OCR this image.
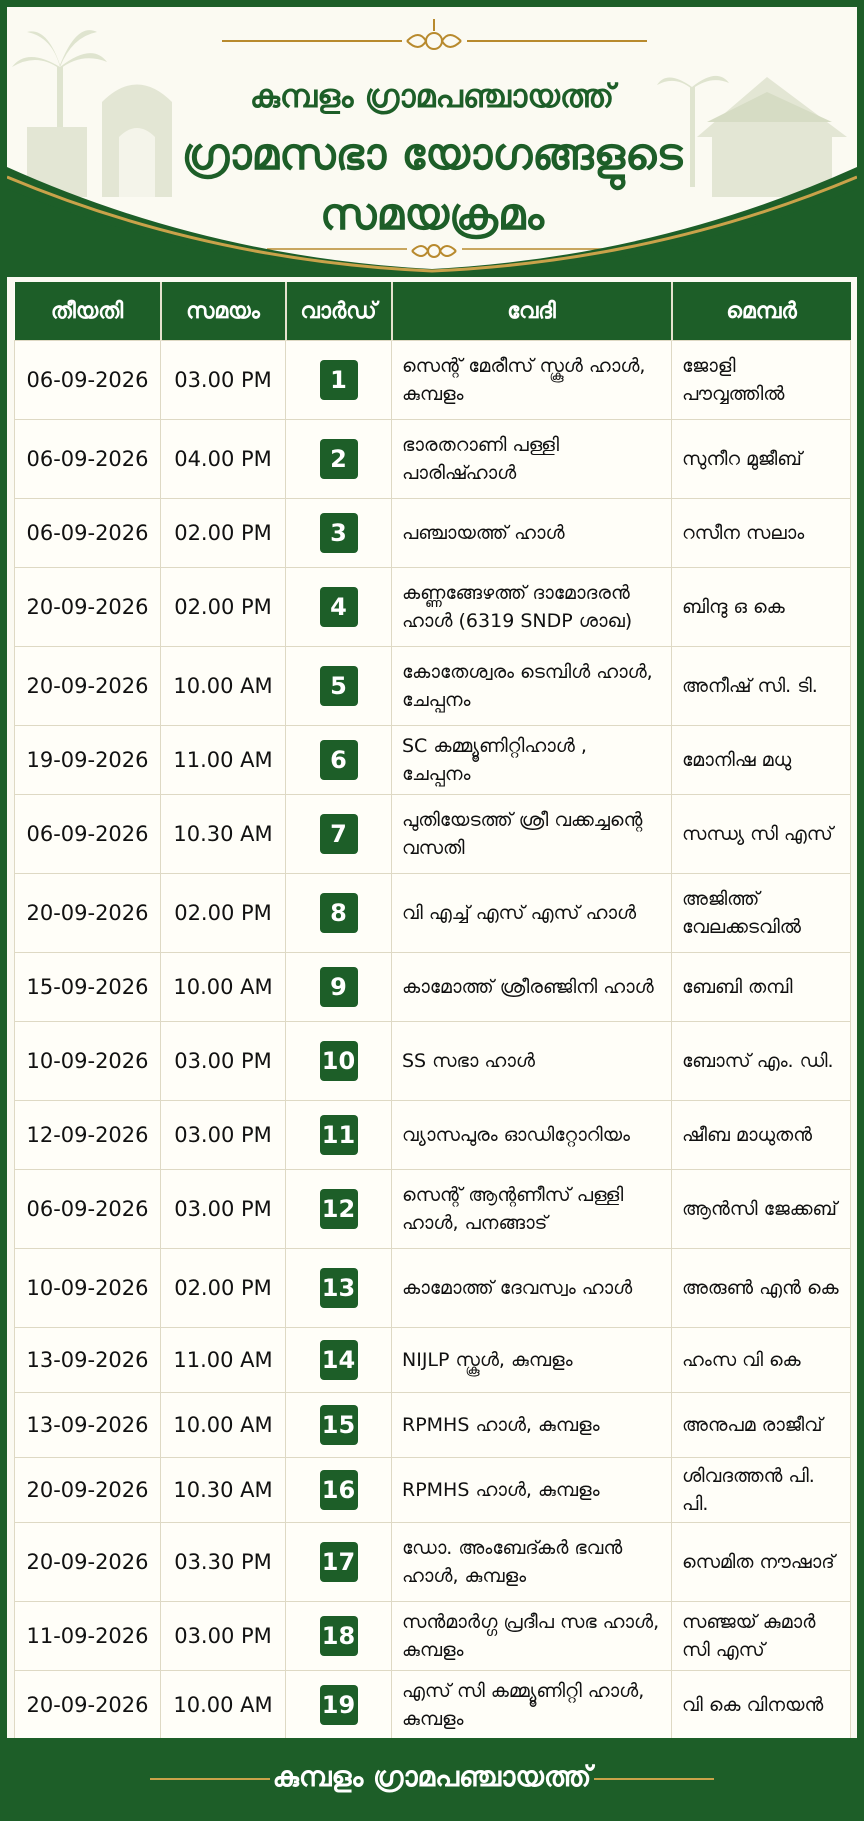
കുമ്പളം ഗ്രാമപഞ്ചായത്ത്
ഗ്രാമസഭാ യോഗങ്ങളുടെ
സമയക്രമം
തീയതി	സമയം	വാർഡ്	വേദി	മെമ്പർ
06-09-2026	03.00 PM	1	സെന്റ് മേരീസ് സ്കൂൾ ഹാൾ, കുമ്പളം	ജോളി പൗവ്വത്തിൽ
06-09-2026	04.00 PM	2	ഭാരതറാണി പള്ളി പാരിഷ്ഹാൾ	സുനീറ മുജീബ്
06-09-2026	02.00 PM	3	പഞ്ചായത്ത് ഹാൾ	റസീന സലാം
20-09-2026	02.00 PM	4	കണ്ണങ്ങേഴത്ത് ദാമോദരൻ ഹാൾ (6319 SNDP ശാഖ)	ബിന്ദു ഒ കെ
20-09-2026	10.00 AM	5	കോതേശ്വരം ടെമ്പിൾ ഹാൾ, ചേപ്പനം	അനീഷ് സി. ടി.
19-09-2026	11.00 AM	6	SC കമ്മ്യൂണിറ്റിഹാൾ , ചേപ്പനം	മോനിഷ മധു
06-09-2026	10.30 AM	7	പുതിയേടത്ത് ശ്രീ വക്കച്ചന്റെ വസതി	സന്ധ്യ സി എസ്
20-09-2026	02.00 PM	8	വി എച്ച് എസ് എസ് ഹാൾ	അജിത്ത് വേലക്കടവിൽ
15-09-2026	10.00 AM	9	കാമോത്ത് ശ്രീരഞ്ജിനി ഹാൾ	ബേബി തമ്പി
10-09-2026	03.00 PM	10	SS സഭാ ഹാൾ	ബോസ് എം. ഡി.
12-09-2026	03.00 PM	11	വ്യാസപുരം ഓഡിറ്റോറിയം	ഷീബ മാധുതൻ
06-09-2026	03.00 PM	12	സെന്റ് ആന്റണീസ് പള്ളി ഹാൾ, പനങ്ങാട്	ആൻസി ജേക്കബ്
10-09-2026	02.00 PM	13	കാമോത്ത് ദേവസ്വം ഹാൾ	അരുൺ എൻ കെ
13-09-2026	11.00 AM	14	NIJLP സ്കൂൾ, കുമ്പളം	ഹംസ വി കെ
13-09-2026	10.00 AM	15	RPMHS ഹാൾ, കുമ്പളം	അനുപമ രാജീവ്
20-09-2026	10.30 AM	16	RPMHS ഹാൾ, കുമ്പളം	ശിവദത്തൻ പി. പി.
20-09-2026	03.30 PM	17	ഡോ. അംബേദ്കർ ഭവൻ ഹാൾ, കുമ്പളം	സെമിത നൗഷാദ്
11-09-2026	03.00 PM	18	സൻമാർഗ്ഗ പ്രദീപ സഭ ഹാൾ, കുമ്പളം	സഞ്ജയ് കുമാർ സി എസ്
20-09-2026	10.00 AM	19	എസ് സി കമ്മ്യൂണിറ്റി ഹാൾ, കുമ്പളം	വി കെ വിനയൻ
കുമ്പളം ഗ്രാമപഞ്ചായത്ത്
